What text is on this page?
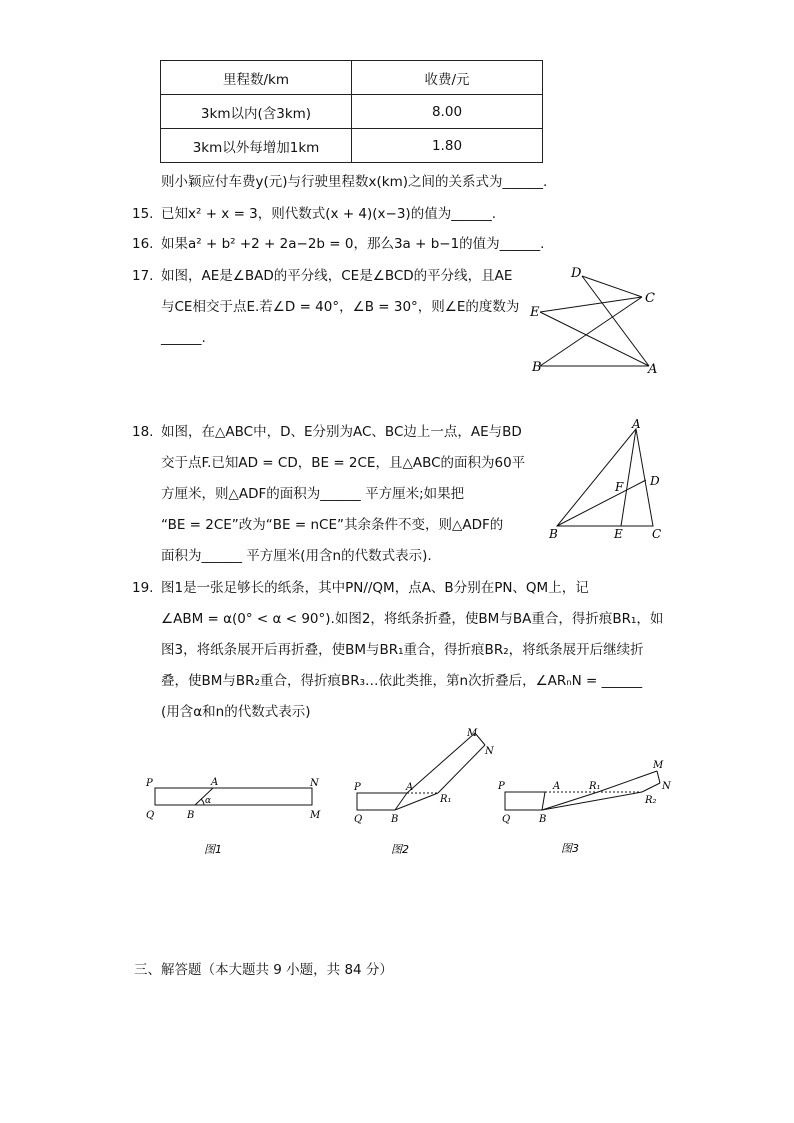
里程数/km	收费/元
3km以内(含3km)	8.00
3km以外每增加1km	1.80
则小颖应付车费y(元)与行驶里程数x(km)之间的关系式为______.
15. 已知x² + x = 3，则代数式(x + 4)(x−3)的值为______.
16. 如果a² + b² +2 + 2a−2b = 0，那么3a + b−1的值为______.
17. 如图，AE是∠BAD的平分线，CE是∠BCD的平分线，且AE
与CE相交于点E.若∠D = 40°，∠B = 30°，则∠E的度数为
______.
D
C
E
B	A
18. 如图，在△ABC中，D、E分别为AC、BC边上一点，AE与BD
交于点F.已知AD = CD，BE = 2CE，且△ABC的面积为60平
方厘米，则△ADF的面积为______ 平方厘米;如果把
“BE = 2CE”改为“BE = nCE”其余条件不变，则△ADF的
面积为______ 平方厘米(用含n的代数式表示).
A
D
F
B	E C
19. 图1是一张足够长的纸条，其中PN//QM，点A、B分别在PN、QM上，记
∠ABM = α(0° < α < 90°).如图2，将纸条折叠，使BM与BA重合，得折痕BR₁，如
图3，将纸条展开后再折叠，使BM与BR₁重合，得折痕BR₂，将纸条展开后继续折
叠，使BM与BR₂重合，得折痕BR₃…依此类推，第n次折叠后，∠ARₙN = ______
(用含α和n的代数式表示)
P	A	N
Q	B	M
α
图1
P	A
M
N
R₁
Q	B
图2
P	A	R₁
M
N
R₂
Q	B
图3
三、解答题（本大题共 9 小题，共 84 分）
